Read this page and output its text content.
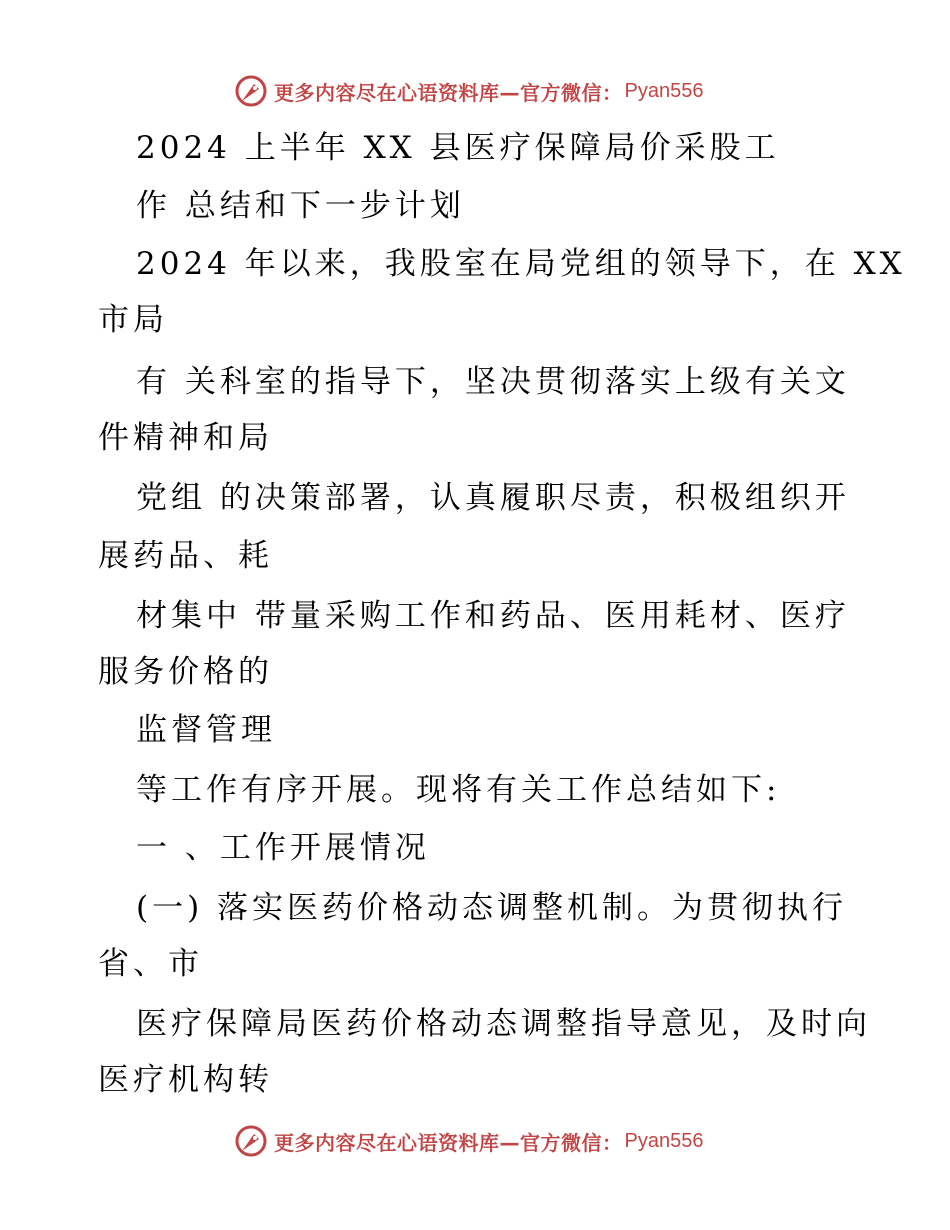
更多内容尽在心语资料库—官方微信： Pyan556
2024 上半年 XX 县医疗保障局价采股工
作 总结和下一步计划
2024 年以来，我股室在局党组的领导下，在 XX
市局
有 关科室的指导下，坚决贯彻落实上级有关文
件精神和局
党组 的决策部署，认真履职尽责，积极组织开
展药品、耗
材集中 带量采购工作和药品、医用耗材、医疗
服务价格的
监督管理
等工作有序开展。现将有关工作总结如下:
一 、工作开展情况
(一) 落实医药价格动态调整机制。为贯彻执行
省、市
医疗保障局医药价格动态调整指导意见，及时向
医疗机构转
更多内容尽在心语资料库—官方微信： Pyan556
